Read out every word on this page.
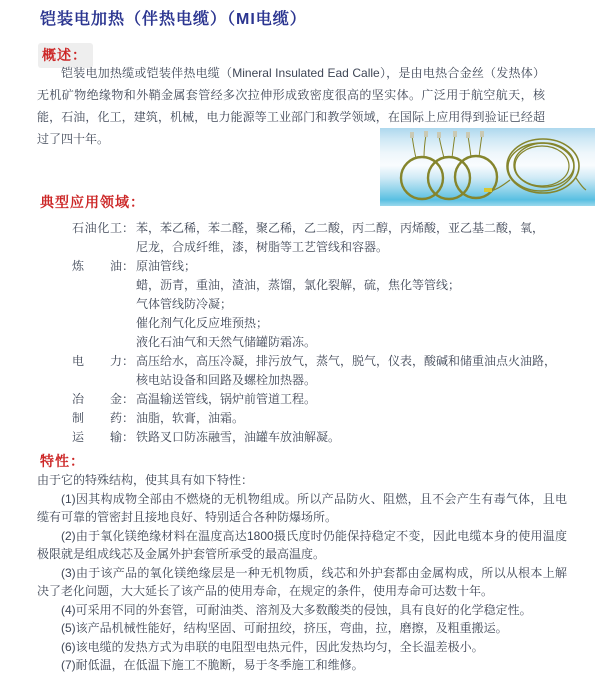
铠装电加热（伴热电缆）（MI电缆）
概述：
铠装电加热缆或铠装伴热电缆（Mineral Insulated Ead Calle），是由电热合金丝（发热体）无机矿物绝缘物和外鞘金属套管经多次拉伸形成致密度很高的坚实体。广泛用于航空航天，核能，石油，化工，建筑，机械，电力能源等工业部门和教学领域，在国际上应用得到验证已经超过了四十年。
典型应用领域：
石油化工 ： 苯，苯乙稀，苯二醛，聚乙稀，乙二酸，丙二醇，丙烯酸，亚乙基二酸，氧，
尼龙，合成纤维，漆，树脂等工艺管线和容器。
炼油 ： 原油管线；
蜡，沥青，重油，渣油，蒸馏，氯化裂解，硫，焦化等管线；
气体管线防冷凝；
催化剂气化反应堆预热；
液化石油气和天然气储罐防霜冻。
电力 ： 高压给水，高压冷凝，排污放气，蒸气，脱气，仪表，酸碱和储重油点火油路，
核电站设备和回路及螺栓加热器。
冶金 ： 高温输送管线，锅炉前管道工程。
制药 ： 油脂，软膏，油霜。
运输 ： 铁路叉口防冻融雪，油罐车放油解凝。
特性：

由于它的特殊结构，使其具有如下特性：

(1)因其构成物全部由不燃烧的无机物组成。所以产品防火、阻燃，且不会产生有毒气体，且电缆有可靠的管密封且接地良好、特别适合各种防爆场所。

(2)由于氧化镁绝缘材料在温度高达1800摄氏度时仍能保持稳定不变，因此电缆本身的使用温度极限就是组成线芯及金属外护套管所承受的最高温度。

(3)由于该产品的氧化镁绝缘层是一种无机物质，线芯和外护套都由金属构成，所以从根本上解决了老化问题，大大延长了该产品的使用寿命，在规定的条件，使用寿命可达数十年。

(4)可采用不同的外套管，可耐油类、溶剂及大多数酸类的侵蚀，具有良好的化学稳定性。

(5)该产品机械性能好，结构坚固、可耐扭绞，挤压，弯曲，拉，磨擦，及粗重搬运。

(6)该电缆的发热方式为串联的电阻型电热元件，因此发热均匀，全长温差极小。

(7)耐低温，在低温下施工不脆断，易于冬季施工和维修。
